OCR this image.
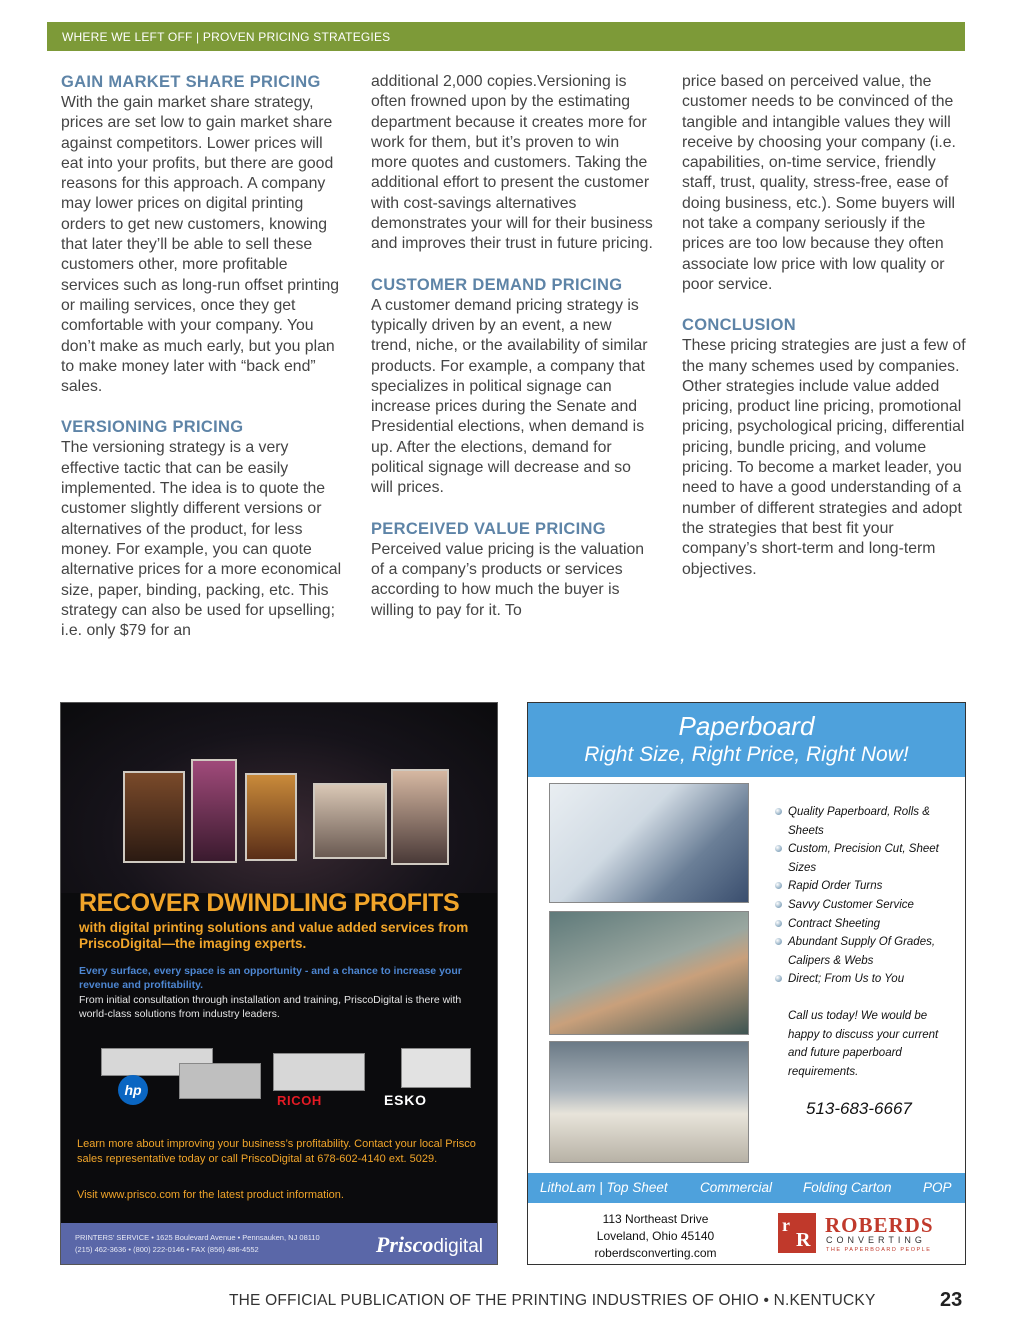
WHERE WE LEFT OFF | PROVEN PRICING STRATEGIES
GAIN MARKET SHARE PRICING

With the gain market share strategy, prices are set low to gain market share against competitors. Lower prices will eat into your profits, but there are good reasons for this approach. A company may lower prices on digital printing orders to get new customers, knowing that later they’ll be able to sell these customers other, more profitable services such as long-run offset printing or mailing services, once they get comfortable with your company. You don’t make as much early, but you plan to make money later with “back end” sales.

VERSIONING PRICING

The versioning strategy is a very effective tactic that can be easily implemented. The idea is to quote the customer slightly different versions or alternatives of the product, for less money. For example, you can quote alternative prices for a more economical size, paper, binding, packing, etc. This strategy can also be used for upselling; i.e. only $79 for an

additional 2,000 copies.Versioning is often frowned upon by the estimating department because it creates more for work for them, but it’s proven to win more quotes and customers. Taking the additional effort to present the customer with cost-savings alternatives demonstrates your will for their business and improves their trust in future pricing.

CUSTOMER DEMAND PRICING

A customer demand pricing strategy is typically driven by an event, a new trend, niche, or the availability of similar products. For example, a company that specializes in political signage can increase prices during the Senate and Presidential elections, when demand is up. After the elections, demand for political signage will decrease and so will prices.

PERCEIVED VALUE PRICING

Perceived value pricing is the valuation of a company’s products or services according to how much the buyer is willing to pay for it. To

price based on perceived value, the customer needs to be convinced of the tangible and intangible values they will receive by choosing your company (i.e. capabilities, on-time service, friendly staff, trust, quality, stress-free, ease of doing business, etc.). Some buyers will not take a company seriously if the prices are too low because they often associate low price with low quality or poor service.

CONCLUSION

These pricing strategies are just a few of the many schemes used by companies. Other strategies include value added pricing, product line pricing, promotional pricing, psychological pricing, differential pricing, bundle pricing, and volume pricing. To become a market leader, you need to have a good understanding of a number of different strategies and adopt the strategies that best fit your company’s short-term and long-term objectives.

RECOVER DWINDLING PROFITS
with digital printing solutions and value added services from PriscoDigital—the imaging experts.
Every surface, every space is an opportunity - and a chance to increase your revenue and profitability.
From initial consultation through installation and training, PriscoDigital is there with world-class solutions from industry leaders.
hp
RICOH	ESKO
Learn more about improving your business’s profitability. Contact your local Prisco sales representative today or call PriscoDigital at 678-602-4140 ext. 5029.
Visit www.prisco.com for the latest product information.
PRINTERS’ SERVICE • 1625 Boulevard Avenue • Pennsauken, NJ 08110
(215) 462-3636 • (800) 222-0146 • FAX (856) 486-4552	Priscodigital
Paperboard
Right Size, Right Price, Right Now!
Quality Paperboard, Rolls & Sheets
Custom, Precision Cut, Sheet Sizes
Rapid Order Turns
Savvy Customer Service
Contract Sheeting
Abundant Supply Of Grades, Calipers & Webs
Direct; From Us to You
Call us today! We would be happy to discuss your current and future paperboard requirements.
513-683-6667
LithoLam | Top Sheet Commercial Folding Carton POP
113 Northeast Drive
Loveland, Ohio 45140
roberdsconverting.com
r
R
ROBERDS
CONVERTING
THE PAPERBOARD PEOPLE
THE OFFICIAL PUBLICATION OF THE PRINTING INDUSTRIES OF OHIO • N.KENTUCKY	23
